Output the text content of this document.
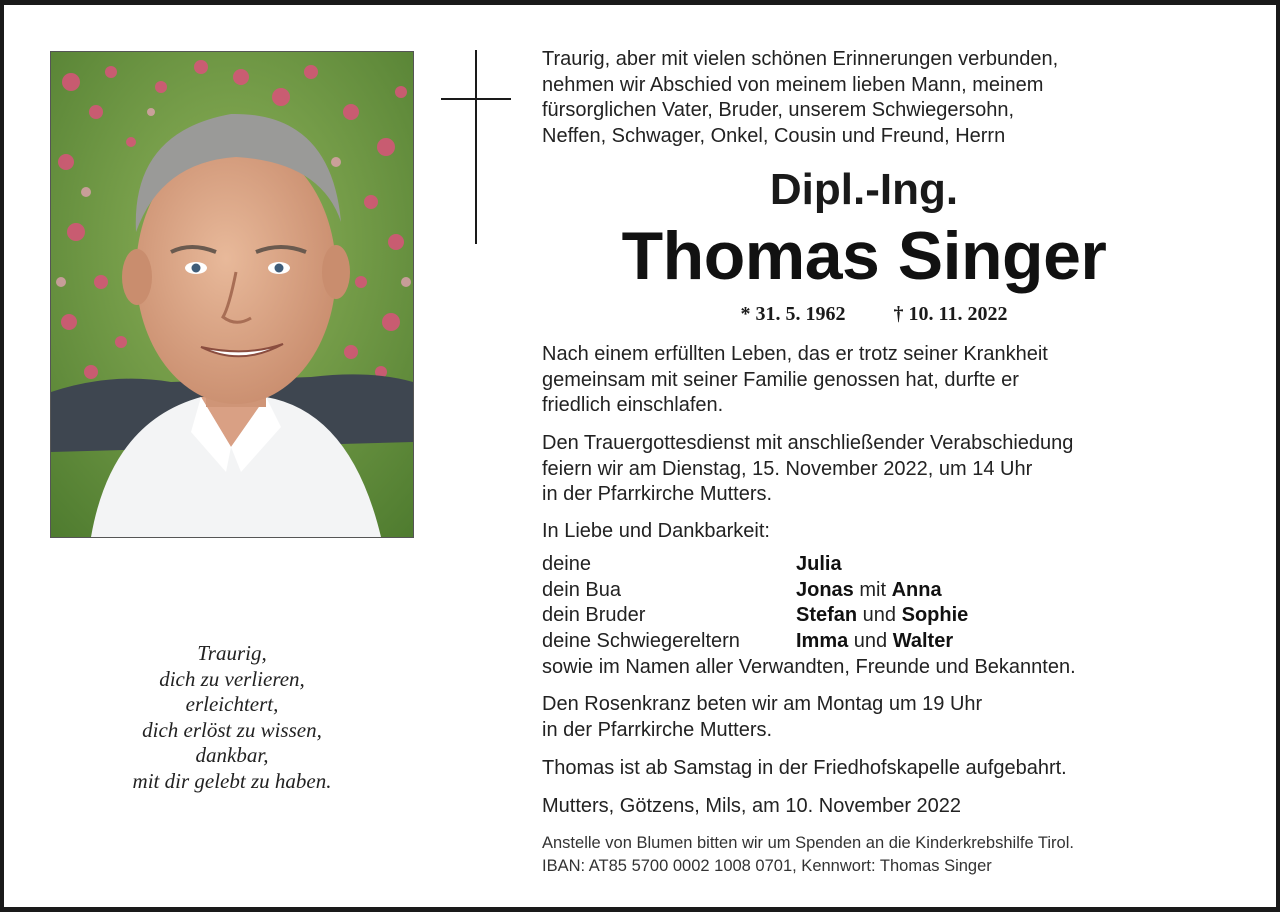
Traurig,
dich zu verlieren,
erleichtert,
dich erlöst zu wissen,
dankbar,
mit dir gelebt zu haben.
Traurig, aber mit vielen schönen Erinnerungen verbunden,
nehmen wir Abschied von meinem lieben Mann, meinem
fürsorglichen Vater, Bruder, unserem Schwiegersohn,
Neffen, Schwager, Onkel, Cousin und Freund, Herrn
Dipl.-Ing.
Thomas Singer
* 31. 5. 1962 † 10. 11. 2022
Nach einem erfüllten Leben, das er trotz seiner Krankheit
gemeinsam mit seiner Familie genossen hat, durfte er
friedlich einschlafen.
Den Trauergottesdienst mit anschließender Verabschiedung
feiern wir am Dienstag, 15. November 2022, um 14 Uhr
in der Pfarrkirche Mutters.
In Liebe und Dankbarkeit:
deine	Julia
dein Bua	Jonas mit Anna
dein Bruder	Stefan und Sophie
deine Schwiegereltern	Imma und Walter
sowie im Namen aller Verwandten, Freunde und Bekannten.
Den Rosenkranz beten wir am Montag um 19 Uhr
in der Pfarrkirche Mutters.
Thomas ist ab Samstag in der Friedhofskapelle aufgebahrt.
Mutters, Götzens, Mils, am 10. November 2022
Anstelle von Blumen bitten wir um Spenden an die Kinderkrebshilfe Tirol.
IBAN: AT85 5700 0002 1008 0701, Kennwort: Thomas Singer
